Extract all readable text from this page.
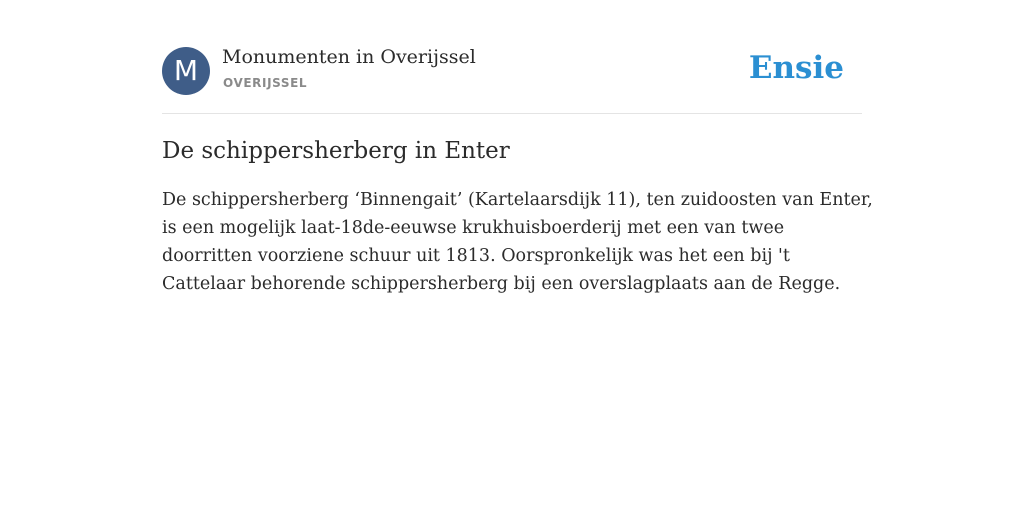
M	Monumenten in Overijssel
OVERIJSSEL	Ensie
De schippersherberg in Enter

De schippersherberg ‘Binnengait’ (Kartelaarsdijk 11), ten zuidoosten van Enter, is een mogelijk laat-18de-eeuwse krukhuisboerderij met een van twee doorritten voorziene schuur uit 1813. Oorspronkelijk was het een bij 't Cattelaar behorende schippersherberg bij een overslagplaats aan de Regge.
